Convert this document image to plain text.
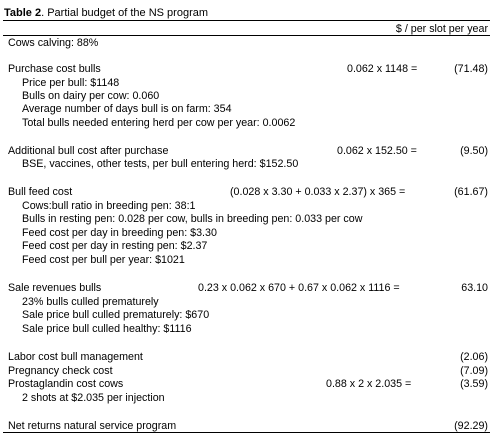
Table 2. Partial budget of the NS program
$ / per slot per year
Cows calving: 88%
Purchase cost bulls	0.062 x 1148 =	(71.48)
Price per bull: $1148
Bulls on dairy per cow: 0.060
Average number of days bull is on farm: 354
Total bulls needed entering herd per cow per year: 0.0062
Additional bull cost after purchase	0.062 x 152.50 =	(9.50)
BSE, vaccines, other tests, per bull entering herd: $152.50
Bull feed cost	(0.028 x 3.30 + 0.033 x 2.37) x 365 =	(61.67)
Cows:bull ratio in breeding pen: 38:1
Bulls in resting pen: 0.028 per cow, bulls in breeding pen: 0.033 per cow
Feed cost per day in breeding pen: $3.30
Feed cost per day in resting pen: $2.37
Feed cost per bull per year: $1021
Sale revenues bulls	0.23 x 0.062 x 670 + 0.67 x 0.062 x 1116 =	63.10
23% bulls culled prematurely
Sale price bull culled prematurely: $670
Sale price bull culled healthy: $1116
Labor cost bull management	(2.06)
Pregnancy check cost	(7.09)
Prostaglandin cost cows	0.88 x 2 x 2.035 =	(3.59)
2 shots at $2.035 per injection
Net returns natural service program	(92.29)
